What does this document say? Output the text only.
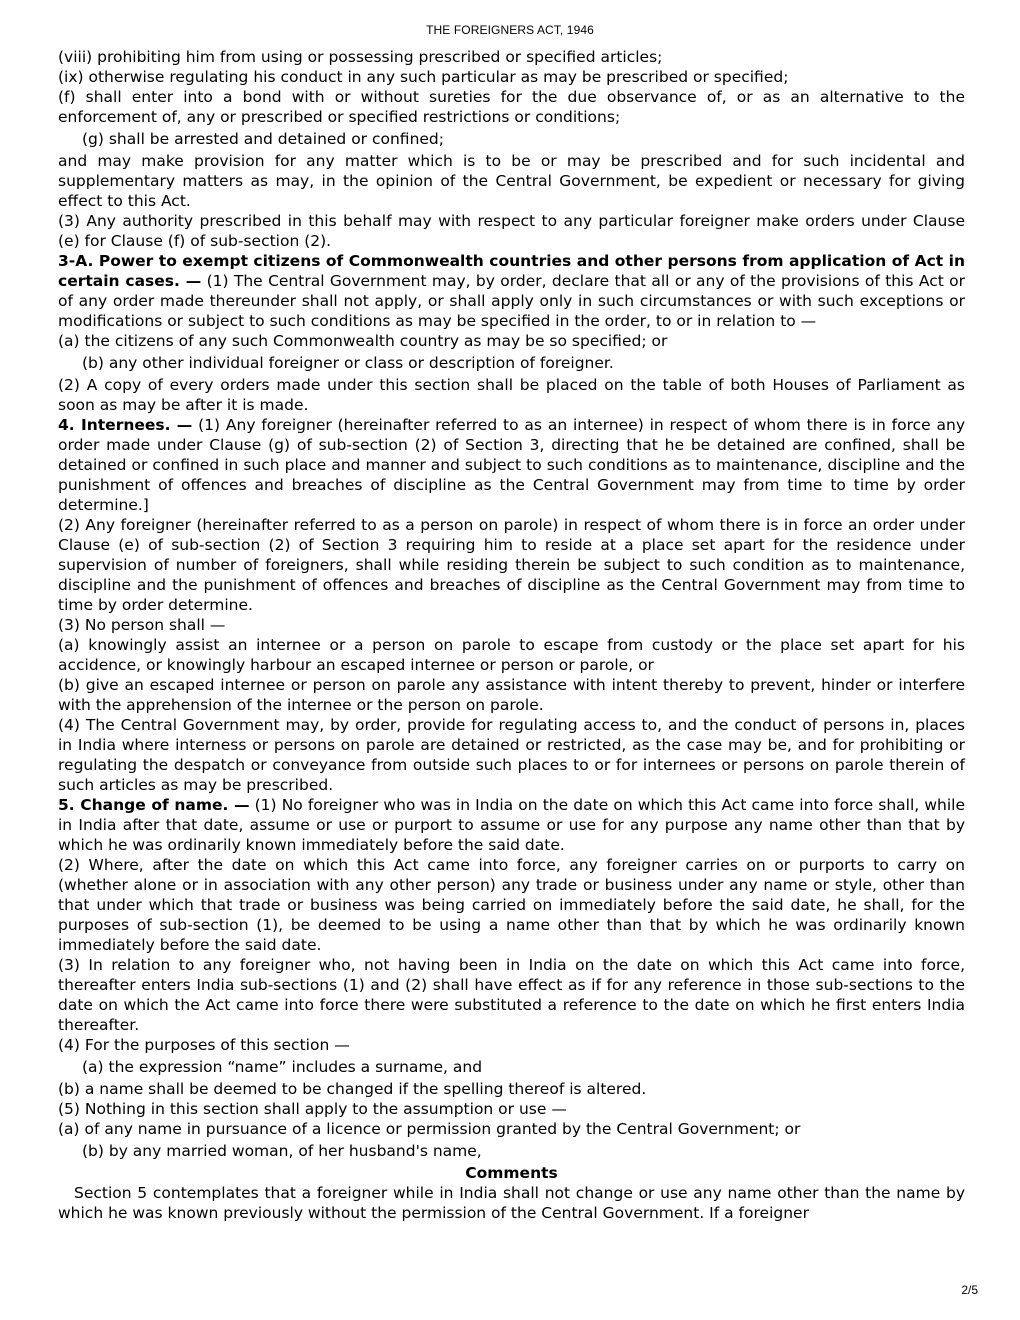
THE FOREIGNERS ACT, 1946

(viii) prohibiting him from using or possessing prescribed or specified articles;

(ix) otherwise regulating his conduct in any such particular as may be prescribed or specified;

(f) shall enter into a bond with or without sureties for the due observance of, or as an alternative to the enforcement of, any or prescribed or specified restrictions or conditions;

(g) shall be arrested and detained or confined;

and may make provision for any matter which is to be or may be prescribed and for such incidental and supplementary matters as may, in the opinion of the Central Government, be expedient or necessary for giving effect to this Act.

(3) Any authority prescribed in this behalf may with respect to any particular foreigner make orders under Clause (e) for Clause (f) of sub-section (2).

3-A. Power to exempt citizens of Commonwealth countries and other persons from application of Act in certain cases. — (1) The Central Government may, by order, declare that all or any of the provisions of this Act or of any order made thereunder shall not apply, or shall apply only in such circumstances or with such exceptions or modifications or subject to such conditions as may be specified in the order, to or in relation to —

(a) the citizens of any such Commonwealth country as may be so specified; or

(b) any other individual foreigner or class or description of foreigner.

(2) A copy of every orders made under this section shall be placed on the table of both Houses of Parliament as soon as may be after it is made.

4. Internees. — (1) Any foreigner (hereinafter referred to as an internee) in respect of whom there is in force any order made under Clause (g) of sub-section (2) of Section 3, directing that he be detained are confined, shall be detained or confined in such place and manner and subject to such conditions as to maintenance, discipline and the punishment of offences and breaches of discipline as the Central Government may from time to time by order determine.]

(2) Any foreigner (hereinafter referred to as a person on parole) in respect of whom there is in force an order under Clause (e) of sub-section (2) of Section 3 requiring him to reside at a place set apart for the residence under supervision of number of foreigners, shall while residing therein be subject to such condition as to maintenance, discipline and the punishment of offences and breaches of discipline as the Central Government may from time to time by order determine.

(3) No person shall —

(a) knowingly assist an internee or a person on parole to escape from custody or the place set apart for his accidence, or knowingly harbour an escaped internee or person or parole, or

(b) give an escaped internee or person on parole any assistance with intent thereby to prevent, hinder or interfere with the apprehension of the internee or the person on parole.

(4) The Central Government may, by order, provide for regulating access to, and the conduct of persons in, places in India where interness or persons on parole are detained or restricted, as the case may be, and for prohibiting or regulating the despatch or conveyance from outside such places to or for internees or persons on parole therein of such articles as may be prescribed.

5. Change of name. — (1) No foreigner who was in India on the date on which this Act came into force shall, while in India after that date, assume or use or purport to assume or use for any purpose any name other than that by which he was ordinarily known immediately before the said date.

(2) Where, after the date on which this Act came into force, any foreigner carries on or purports to carry on (whether alone or in association with any other person) any trade or business under any name or style, other than that under which that trade or business was being carried on immediately before the said date, he shall, for the purposes of sub-section (1), be deemed to be using a name other than that by which he was ordinarily known immediately before the said date.

(3) In relation to any foreigner who, not having been in India on the date on which this Act came into force, thereafter enters India sub-sections (1) and (2) shall have effect as if for any reference in those sub-sections to the date on which the Act came into force there were substituted a reference to the date on which he first enters India thereafter.

(4) For the purposes of this section —

(a) the expression “name” includes a surname, and

(b) a name shall be deemed to be changed if the spelling thereof is altered.

(5) Nothing in this section shall apply to the assumption or use —

(a) of any name in pursuance of a licence or permission granted by the Central Government; or

(b) by any married woman, of her husband's name,

Comments

Section 5 contemplates that a foreigner while in India shall not change or use any name other than the name by which he was known previously without the permission of the Central Government. If a foreigner

2/5
